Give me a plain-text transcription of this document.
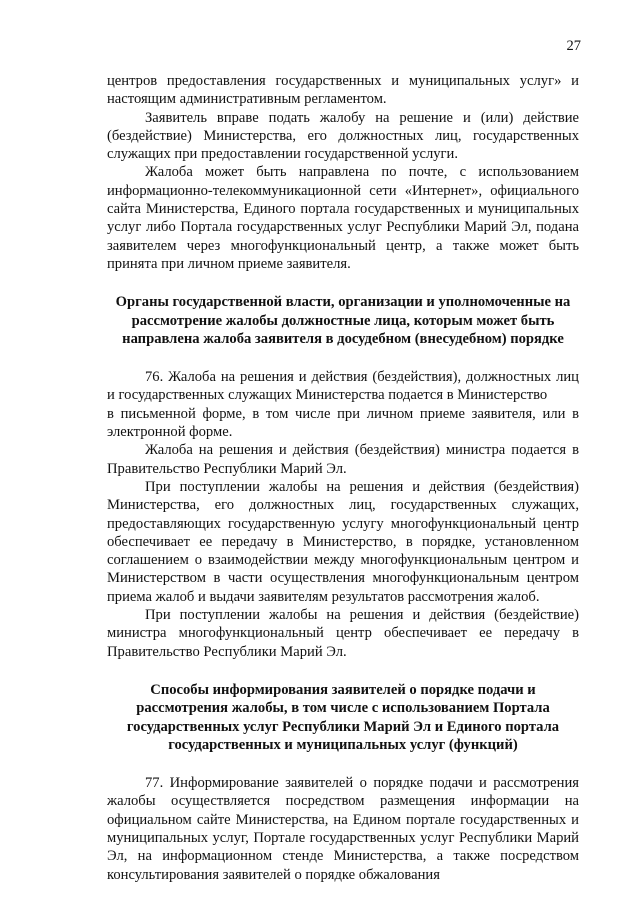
27

центров предоставления государственных и муниципальных услуг» и настоящим административным регламентом.

Заявитель вправе подать жалобу на решение и (или) действие (бездействие) Министерства, его должностных лиц, государственных служащих при предоставлении государственной услуги.

Жалоба может быть направлена по почте, с использованием информационно-телекоммуникационной сети «Интернет», официального сайта Министерства, Единого портала государственных и муниципальных услуг либо Портала государственных услуг Республики Марий Эл, подана заявителем через многофункциональный центр, а также может быть принята при личном приеме заявителя.

Органы государственной власти, организации и уполномоченные на рассмотрение жалобы должностные лица, которым может быть направлена жалоба заявителя в досудебном (внесудебном) порядке

76. Жалоба на решения и действия (бездействия), должностных лиц и государственных служащих Министерства подается в Министерство

в письменной форме, в том числе при личном приеме заявителя, или в электронной форме.

Жалоба на решения и действия (бездействия) министра подается в Правительство Республики Марий Эл.

При поступлении жалобы на решения и действия (бездействия) Министерства, его должностных лиц, государственных служащих, предоставляющих государственную услугу многофункциональный центр обеспечивает ее передачу в Министерство, в порядке, установленном соглашением о взаимодействии между многофункциональным центром и Министерством в части осуществления многофункциональным центром приема жалоб и выдачи заявителям результатов рассмотрения жалоб.

При поступлении жалобы на решения и действия (бездействие) министра многофункциональный центр обеспечивает ее передачу в Правительство Республики Марий Эл.

Способы информирования заявителей о порядке подачи и рассмотрения жалобы, в том числе с использованием Портала государственных услуг Республики Марий Эл и Единого портала государственных и муниципальных услуг (функций)

77. Информирование заявителей о порядке подачи и рассмотрения жалобы осуществляется посредством размещения информации на официальном сайте Министерства, на Едином портале государственных и муниципальных услуг, Портале государственных услуг Республики Марий Эл, на информационном стенде Министерства, а также посредством консультирования заявителей о порядке обжалования
